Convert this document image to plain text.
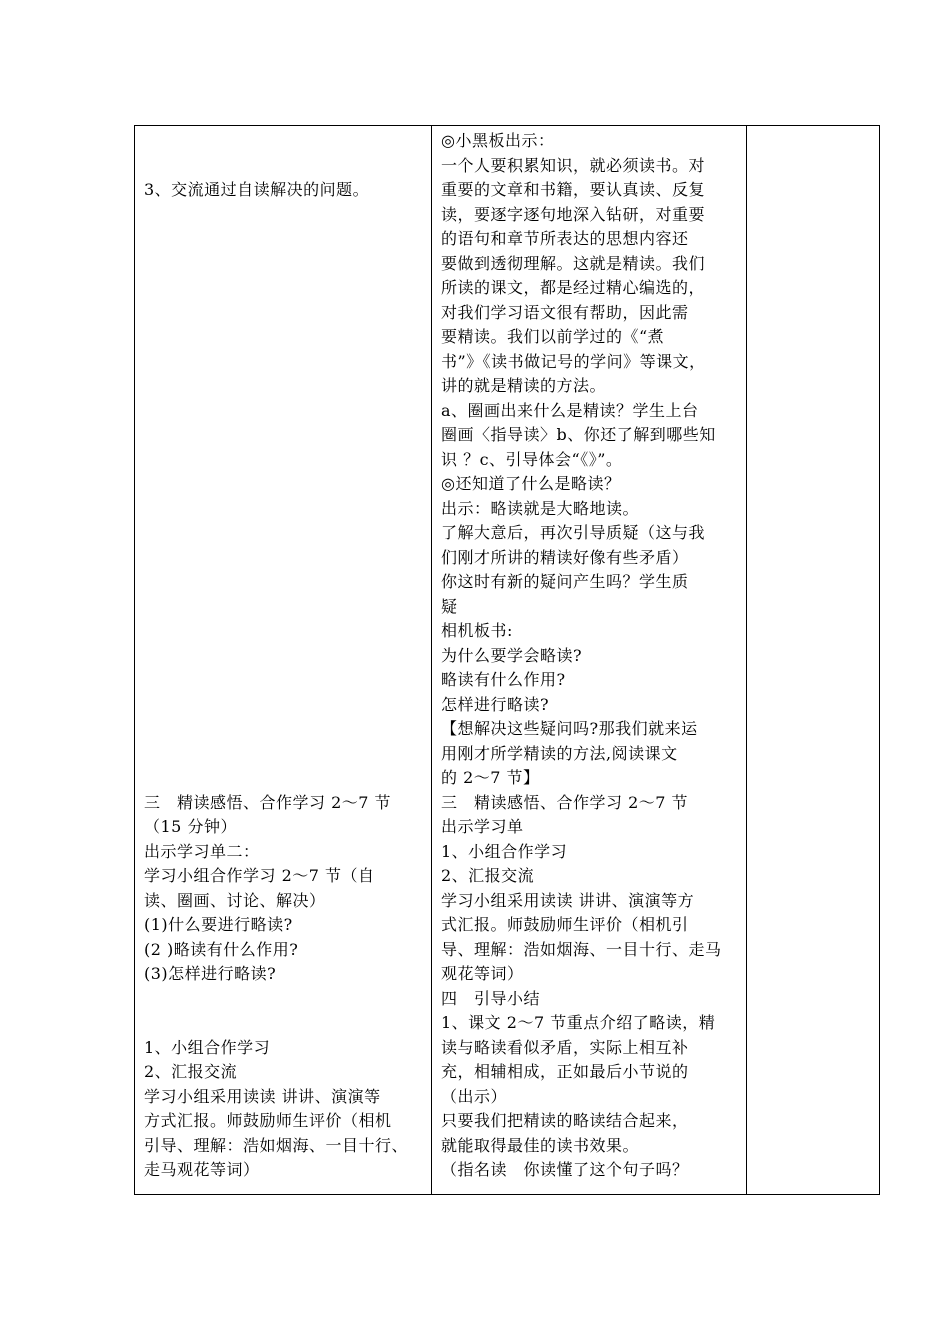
3、交流通过自读解决的问题。
三　精读感悟、合作学习 2～7 节
（15 分钟）
出示学习单二：
学习小组合作学习 2～7 节（自
读、圈画、讨论、解决）
(1)什么要进行略读?
(2 )略读有什么作用?
(3)怎样进行略读?
1、小组合作学习
2、汇报交流
学习小组采用读读 讲讲、演演等
方式汇报。师鼓励师生评价（相机
引导、理解：浩如烟海、一目十行、
走马观花等词）

◎小黑板出示：
一个人要积累知识，就必须读书。对
重要的文章和书籍，要认真读、反复
读，要逐字逐句地深入钻研，对重要
的语句和章节所表达的思想内容还
要做到透彻理解。这就是精读。我们
所读的课文，都是经过精心编选的，
对我们学习语文很有帮助，因此需
要精读。我们以前学过的《“煮
书”》《读书做记号的学问》等课文，
讲的就是精读的方法。
a、圈画出来什么是精读？学生上台
圈画〈指导读〉b、你还了解到哪些知
识 ？c、引导体会“《》”。
◎还知道了什么是略读？
出示：略读就是大略地读。
了解大意后，再次引导质疑（这与我
们刚才所讲的精读好像有些矛盾）
你这时有新的疑问产生吗？学生质
疑
相机板书:
为什么要学会略读?
略读有什么作用?
怎样进行略读?
【想解决这些疑问吗?那我们就来运
用刚才所学精读的方法,阅读课文
的 2～7 节】
三　精读感悟、合作学习 2～7 节
出示学习单
1、小组合作学习
2、汇报交流
学习小组采用读读 讲讲、演演等方
式汇报。师鼓励师生评价（相机引
导、理解：浩如烟海、一目十行、走马
观花等词）
四　引导小结
1、课文 2～7 节重点介绍了略读，精
读与略读看似矛盾，实际上相互补
充，相辅相成，正如最后小节说的
（出示）
只要我们把精读的略读结合起来，
就能取得最佳的读书效果。
（指名读　你读懂了这个句子吗？
